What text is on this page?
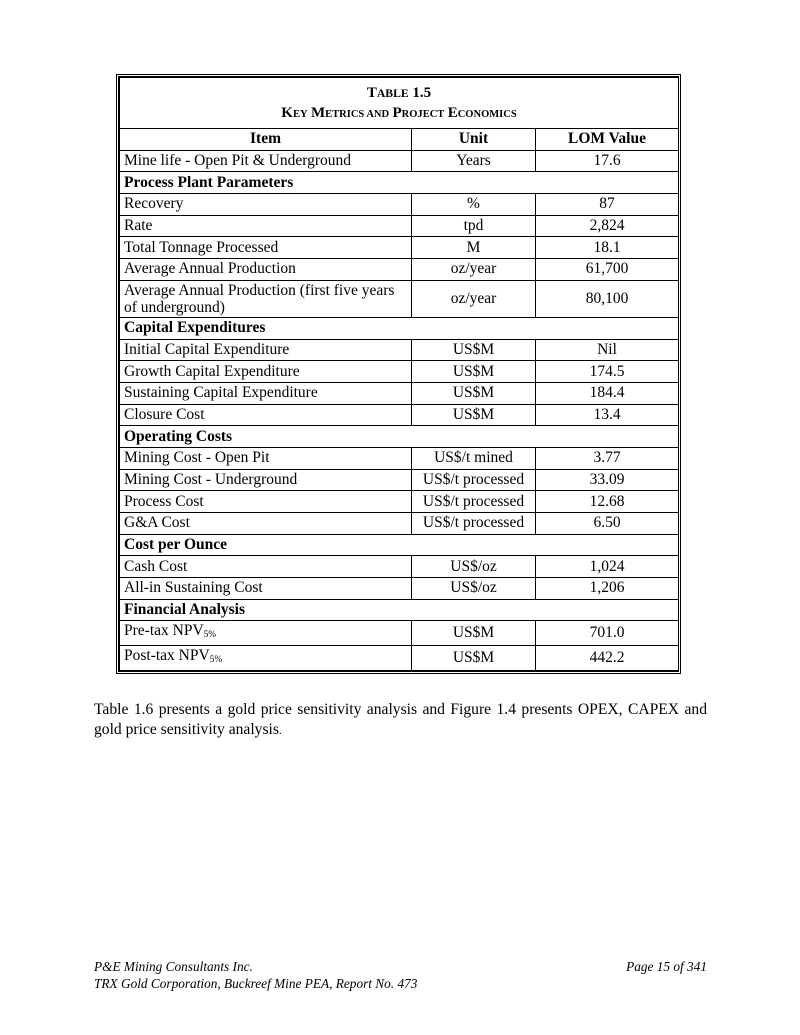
TABLE 1.5
KEY METRICS AND PROJECT ECONOMICS		

Item	Unit	LOM Value
Mine life - Open Pit & Underground	Years	17.6
Process Plant Parameters		
Recovery	%	87
Rate	tpd	2,824
Total Tonnage Processed	M	18.1
Average Annual Production	oz/year	61,700

Average Annual Production (first five years
of underground)	oz/year	80,100
Capital Expenditures		
Initial Capital Expenditure	US$M	Nil
Growth Capital Expenditure	US$M	174.5
Sustaining Capital Expenditure	US$M	184.4
Closure Cost	US$M	13.4
Operating Costs		
Mining Cost - Open Pit	US$/t mined	3.77
Mining Cost - Underground	US$/t processed	33.09
Process Cost	US$/t processed	12.68
G&A Cost	US$/t processed	6.50
Cost per Ounce		
Cash Cost	US$/oz	1,024
All-in Sustaining Cost	US$/oz	1,206
Financial Analysis		
Pre-tax $NPV_{5\%}$	US$M	701.0
Post-tax $NPV_{5\%}$	US$M	442.2

Table 1.6 presents a gold price sensitivity analysis and Figure 1.4 presents OPEX, CAPEX and gold price sensitivity analysis.

P&E Mining Consultants Inc.
TRX Gold Corporation, Buckreef Mine PEA, Report No. 473
Page 15 of 341
